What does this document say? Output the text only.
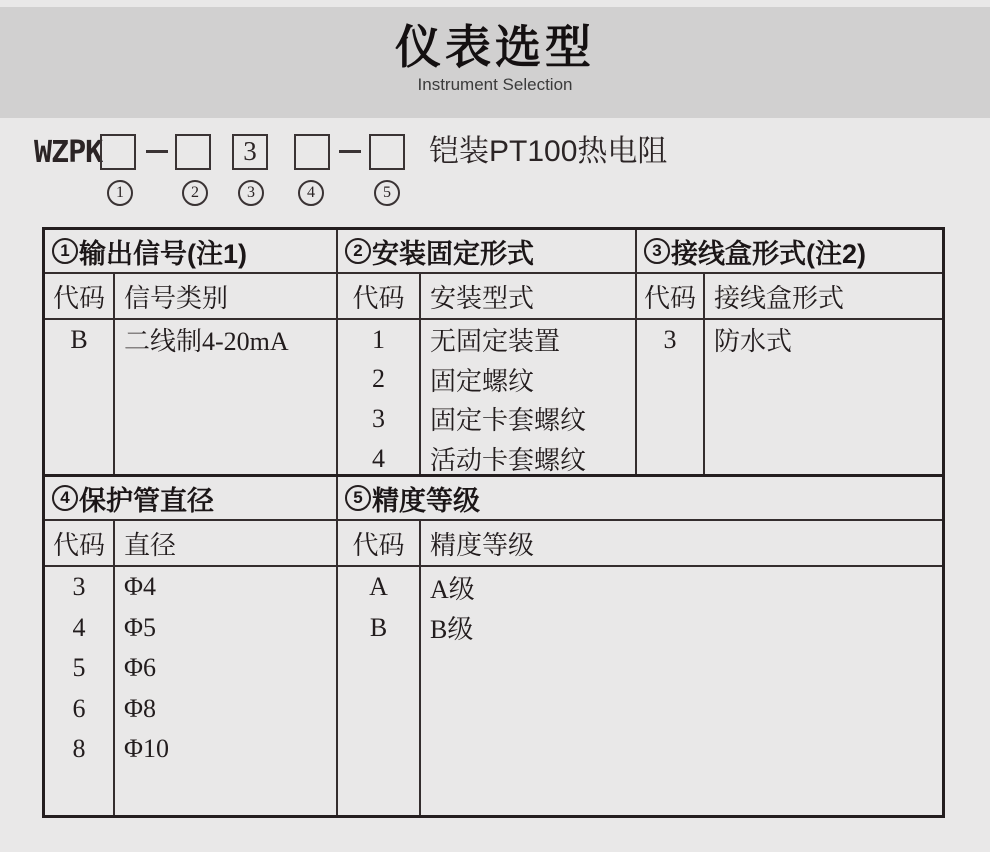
仪表选型
Instrument Selection
WZPK	3	铠装PT100热电阻
1	2	3	4	5
1 输出信号(注1)
代码 信号类别
B	二线制4-20mA
2 安装固定形式
代码 安装型式
1	无固定装置
2	固定螺纹
3	固定卡套螺纹
4	活动卡套螺纹
3 接线盒形式(注2)
代码 接线盒形式
3	防水式
4 保护管直径
代码 直径
3	Φ4
4	Φ5
5	Φ6
6	Φ8
8	Φ10
5 精度等级
代码 精度等级
A	A级
B	B级
